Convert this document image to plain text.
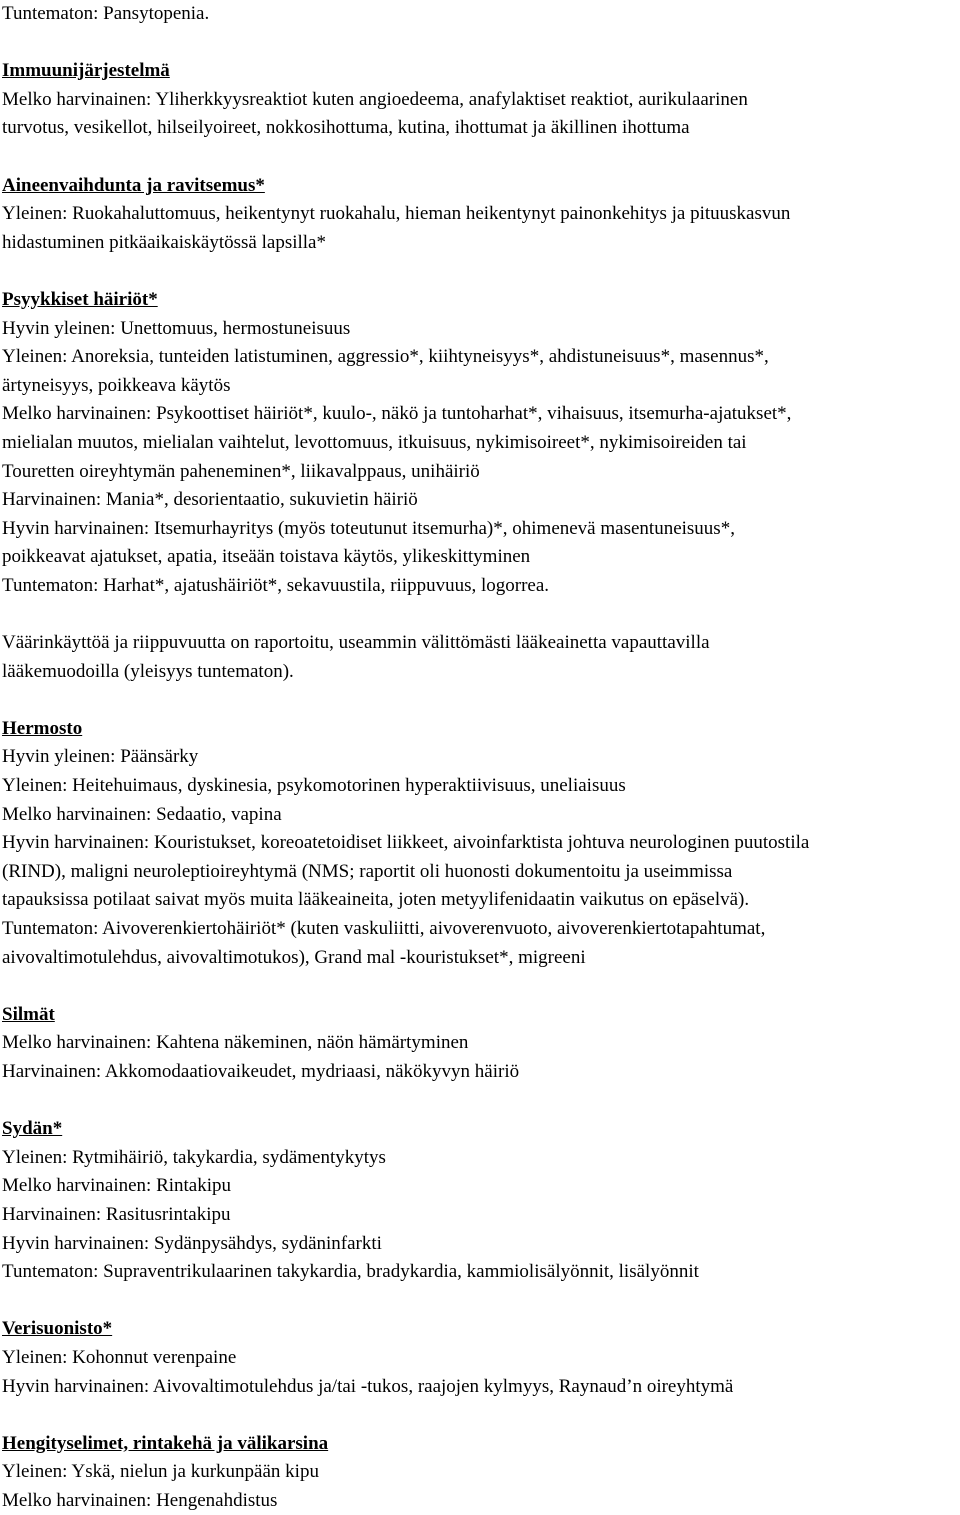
Tuntematon: Pansytopenia.

Immuunijärjestelmä

Melko harvinainen: Yliherkkyysreaktiot kuten angioedeema, anafylaktiset reaktiot, aurikulaarinen

turvotus, vesikellot, hilseilyoireet, nokkosihottuma, kutina, ihottumat ja äkillinen ihottuma

Aineenvaihdunta ja ravitsemus*

Yleinen: Ruokahaluttomuus, heikentynyt ruokahalu, hieman heikentynyt painonkehitys ja pituuskasvun

hidastuminen pitkäaikaiskäytössä lapsilla*

Psyykkiset häiriöt*

Hyvin yleinen: Unettomuus, hermostuneisuus

Yleinen: Anoreksia, tunteiden latistuminen, aggressio*, kiihtyneisyys*, ahdistuneisuus*, masennus*,

ärtyneisyys, poikkeava käytös

Melko harvinainen: Psykoottiset häiriöt*, kuulo-, näkö ja tuntoharhat*, vihaisuus, itsemurha-ajatukset*,

mielialan muutos, mielialan vaihtelut, levottomuus, itkuisuus, nykimisoireet*, nykimisoireiden tai

Touretten oireyhtymän paheneminen*, liikavalppaus, unihäiriö

Harvinainen: Mania*, desorientaatio, sukuvietin häiriö

Hyvin harvinainen: Itsemurhayritys (myös toteutunut itsemurha)*, ohimenevä masentuneisuus*,

poikkeavat ajatukset, apatia, itseään toistava käytös, ylikeskittyminen

Tuntematon: Harhat*, ajatushäiriöt*, sekavuustila, riippuvuus, logorrea.

Väärinkäyttöä ja riippuvuutta on raportoitu, useammin välittömästi lääkeainetta vapauttavilla

lääkemuodoilla (yleisyys tuntematon).

Hermosto

Hyvin yleinen: Päänsärky

Yleinen: Heitehuimaus, dyskinesia, psykomotorinen hyperaktiivisuus, uneliaisuus

Melko harvinainen: Sedaatio, vapina

Hyvin harvinainen: Kouristukset, koreoatetoidiset liikkeet, aivoinfarktista johtuva neurologinen puutostila

(RIND), maligni neuroleptioireyhtymä (NMS; raportit oli huonosti dokumentoitu ja useimmissa

tapauksissa potilaat saivat myös muita lääkeaineita, joten metyylifenidaatin vaikutus on epäselvä).

Tuntematon: Aivoverenkiertohäiriöt* (kuten vaskuliitti, aivoverenvuoto, aivoverenkiertotapahtumat,

aivovaltimotulehdus, aivovaltimotukos), Grand mal -kouristukset*, migreeni

Silmät

Melko harvinainen: Kahtena näkeminen, näön hämärtyminen

Harvinainen: Akkomodaatiovaikeudet, mydriaasi, näkökyvyn häiriö

Sydän*

Yleinen: Rytmihäiriö, takykardia, sydämentykytys

Melko harvinainen: Rintakipu

Harvinainen: Rasitusrintakipu

Hyvin harvinainen: Sydänpysähdys, sydäninfarkti

Tuntematon: Supraventrikulaarinen takykardia, bradykardia, kammiolisälyönnit, lisälyönnit

Verisuonisto*

Yleinen: Kohonnut verenpaine

Hyvin harvinainen: Aivovaltimotulehdus ja/tai -tukos, raajojen kylmyys, Raynaud’n oireyhtymä

Hengityselimet, rintakehä ja välikarsina

Yleinen: Yskä, nielun ja kurkunpään kipu

Melko harvinainen: Hengenahdistus
